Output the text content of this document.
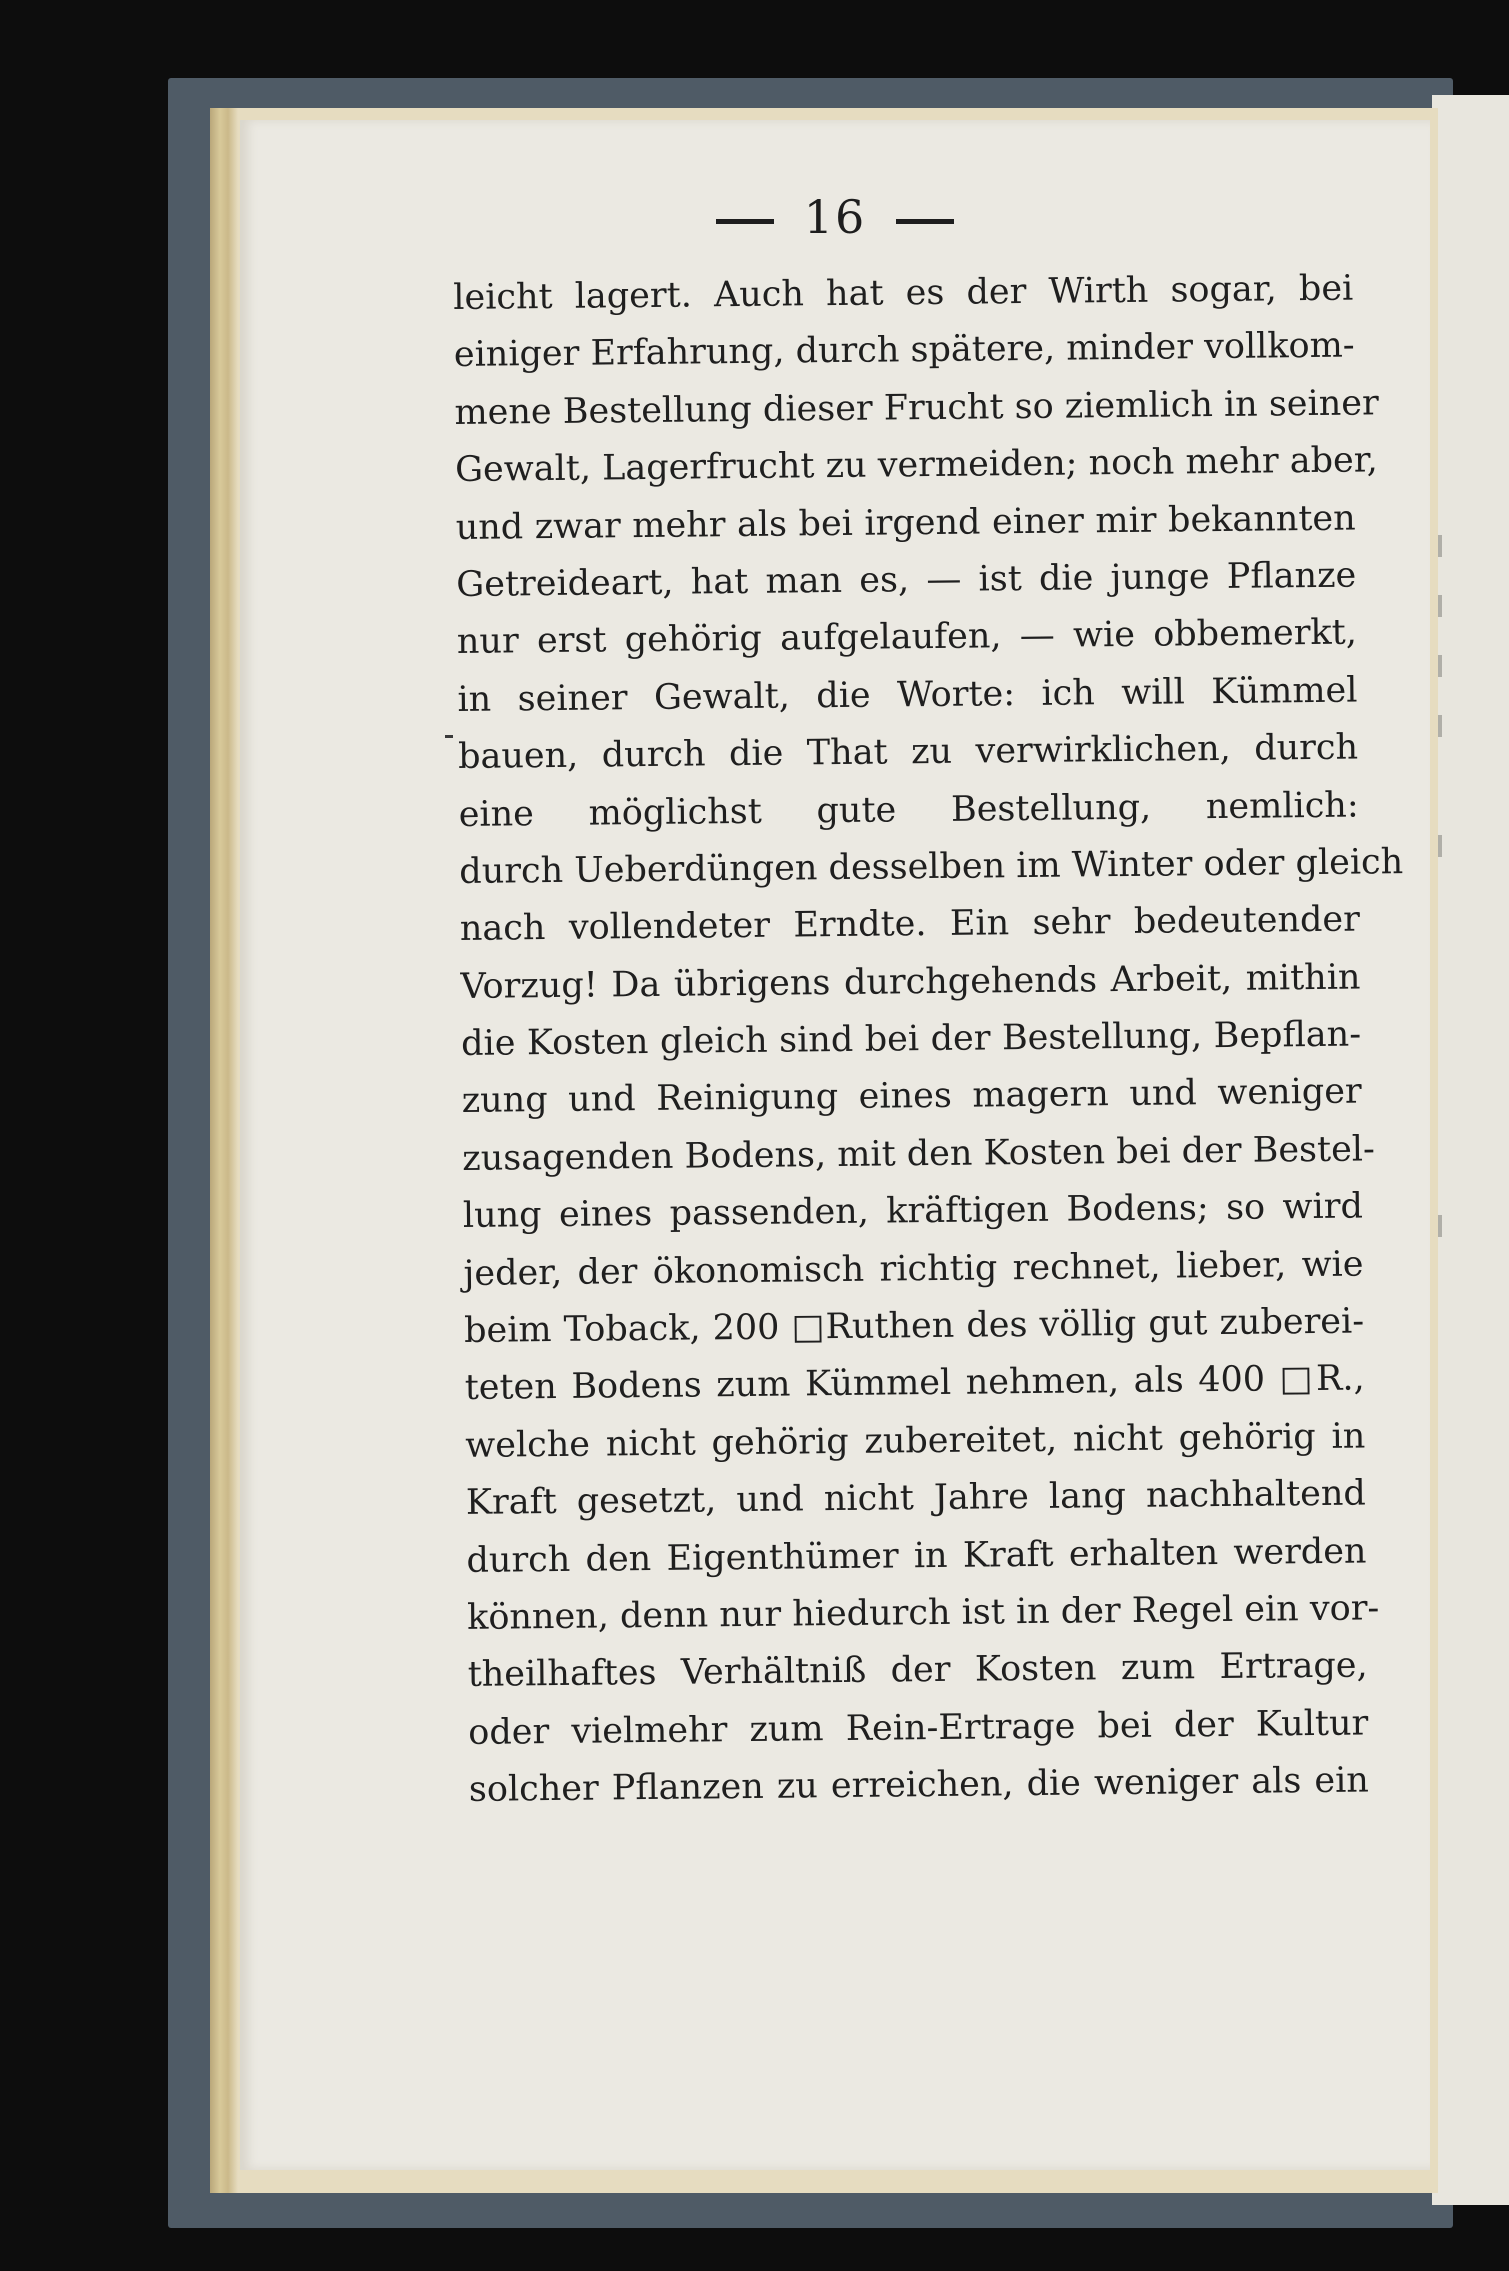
16
leicht lagert. Auch hat es der Wirth sogar, bei
einiger Erfahrung, durch spätere, minder vollkom-
mene Bestellung dieser Frucht so ziemlich in seiner
Gewalt, Lagerfrucht zu vermeiden; noch mehr aber,
und zwar mehr als bei irgend einer mir bekannten
Getreideart, hat man es, — ist die junge Pflanze
nur erst gehörig aufgelaufen, — wie obbemerkt,
in seiner Gewalt, die Worte: ich will Kümmel
bauen, durch die That zu verwirklichen, durch
eine möglichst gute Bestellung, nemlich:
durch Ueberdüngen desselben im Winter oder gleich
nach vollendeter Erndte. Ein sehr bedeutender
Vorzug! Da übrigens durchgehends Arbeit, mithin
die Kosten gleich sind bei der Bestellung, Bepflan-
zung und Reinigung eines magern und weniger
zusagenden Bodens, mit den Kosten bei der Bestel-
lung eines passenden, kräftigen Bodens; so wird
jeder, der ökonomisch richtig rechnet, lieber, wie
beim Toback, 200 □Ruthen des völlig gut zuberei-
teten Bodens zum Kümmel nehmen, als 400 □R.,
welche nicht gehörig zubereitet, nicht gehörig in
Kraft gesetzt, und nicht Jahre lang nachhaltend
durch den Eigenthümer in Kraft erhalten werden
können, denn nur hiedurch ist in der Regel ein vor-
theilhaftes Verhältniß der Kosten zum Ertrage,
oder vielmehr zum Rein-Ertrage bei der Kultur
solcher Pflanzen zu erreichen, die weniger als ein
